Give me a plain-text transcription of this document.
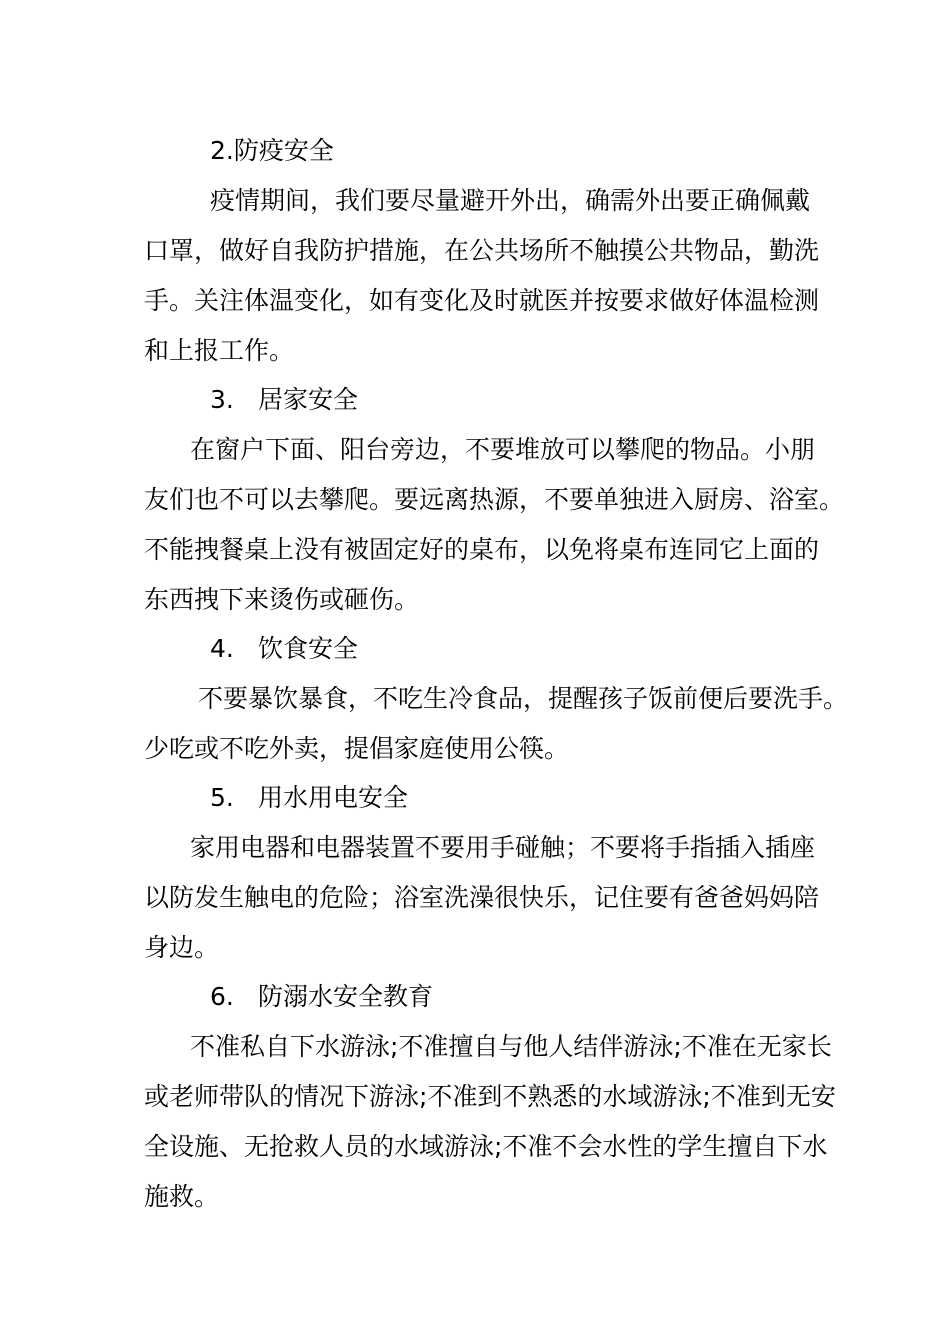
2.防疫安全
疫情期间，我们要尽量避开外出，确需外出要正确佩戴
口罩，做好自我防护措施，在公共场所不触摸公共物品，勤洗
手。关注体温变化，如有变化及时就医并按要求做好体温检测
和上报工作。
3. 居家安全
在窗户下面、阳台旁边，不要堆放可以攀爬的物品。小朋
友们也不可以去攀爬。要远离热源，不要单独进入厨房、浴室。
不能拽餐桌上没有被固定好的桌布，以免将桌布连同它上面的
东西拽下来烫伤或砸伤。
4. 饮食安全
不要暴饮暴食，不吃生冷食品，提醒孩子饭前便后要洗手。
少吃或不吃外卖，提倡家庭使用公筷。
5. 用水用电安全
家用电器和电器装置不要用手碰触；不要将手指插入插座
以防发生触电的危险；浴室洗澡很快乐，记住要有爸爸妈妈陪
身边。
6. 防溺水安全教育
不准私自下水游泳;不准擅自与他人结伴游泳;不准在无家长
或老师带队的情况下游泳;不准到不熟悉的水域游泳;不准到无安
全设施、无抢救人员的水域游泳;不准不会水性的学生擅自下水
施救。
